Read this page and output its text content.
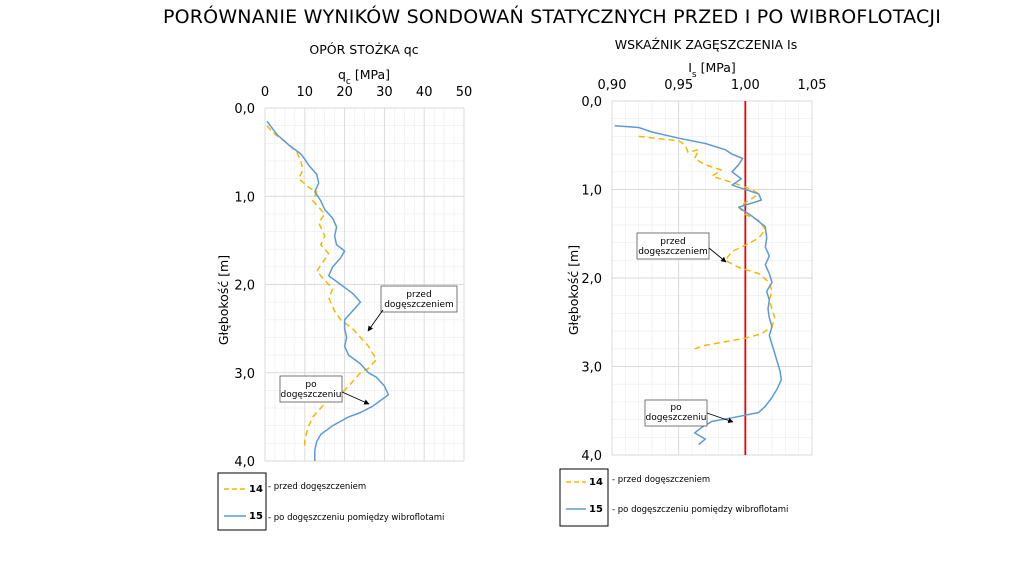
PORÓWNANIE WYNIKÓW SONDOWAŃ STATYCZNYCH PRZED I PO WIBROFLOTACJI
OPÓR STOŻKA qc
$q_c$ [MPa]
0 10 20 30 40 50
0,0
1,0
2,0
3,0
4,0
Głębokość [m]	przed
dogęszczeniem
po
dogęszczeniu
14 - przed dogęszczeniem
15 - po dogęszczeniu pomiędzy wibroflotami
WSKAŹNIK ZAGĘSZCZENIA Is
$I_s$ [MPa]
0,90	0,95	1,00	1,05
0,0
1,0
2,0
3,0
4,0
Głębokość [m]
przed
dogęszczeniem
po
dogęszczeniu
14 - przed dogęszczeniem
15 - po dogęszczeniu pomiędzy wibroflotami
